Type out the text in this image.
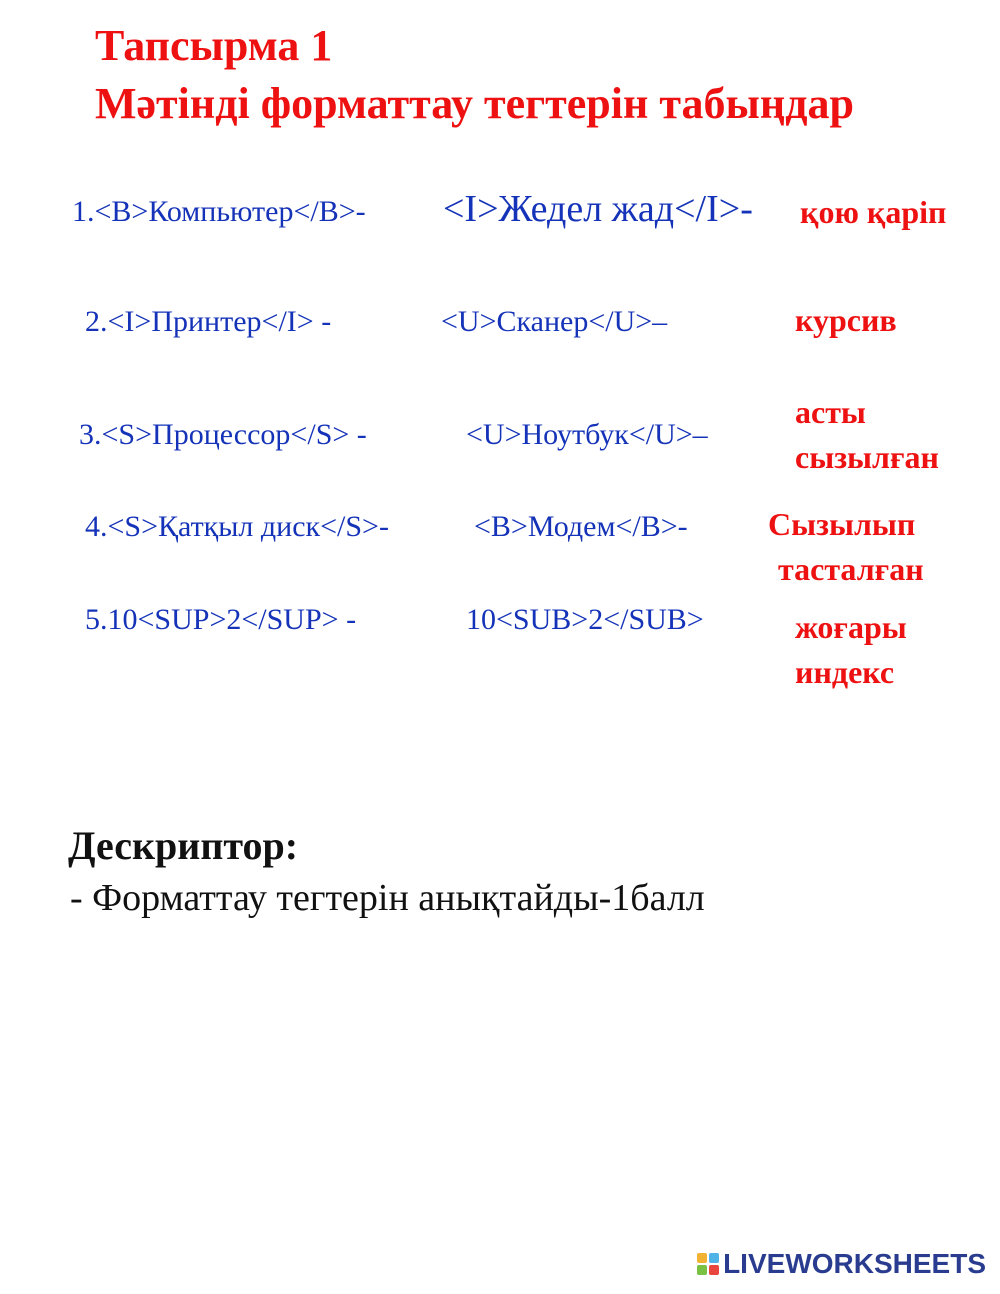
Тапсырма 1
Мәтінді форматтау тегтерін табыңдар
1.<B>Компьютер</B>- <I>Жедел жад</I>- қою қаріп
2.<I>Принтер</I> -	<U>Сканер</U>–	курсив
3.<S>Процессор</S> -	<U>Ноутбук</U>–
асты
сызылған
4.<S>Қатқыл диск</S>-	<B>Модем</B>-	Сызылып
тасталған
5.10<SUP>2</SUP> -	10<SUB>2</SUB>	жоғары
индекс
Дескриптор:
- Форматтау тегтерін анықтайды-1балл
LIVEWORKSHEETS
